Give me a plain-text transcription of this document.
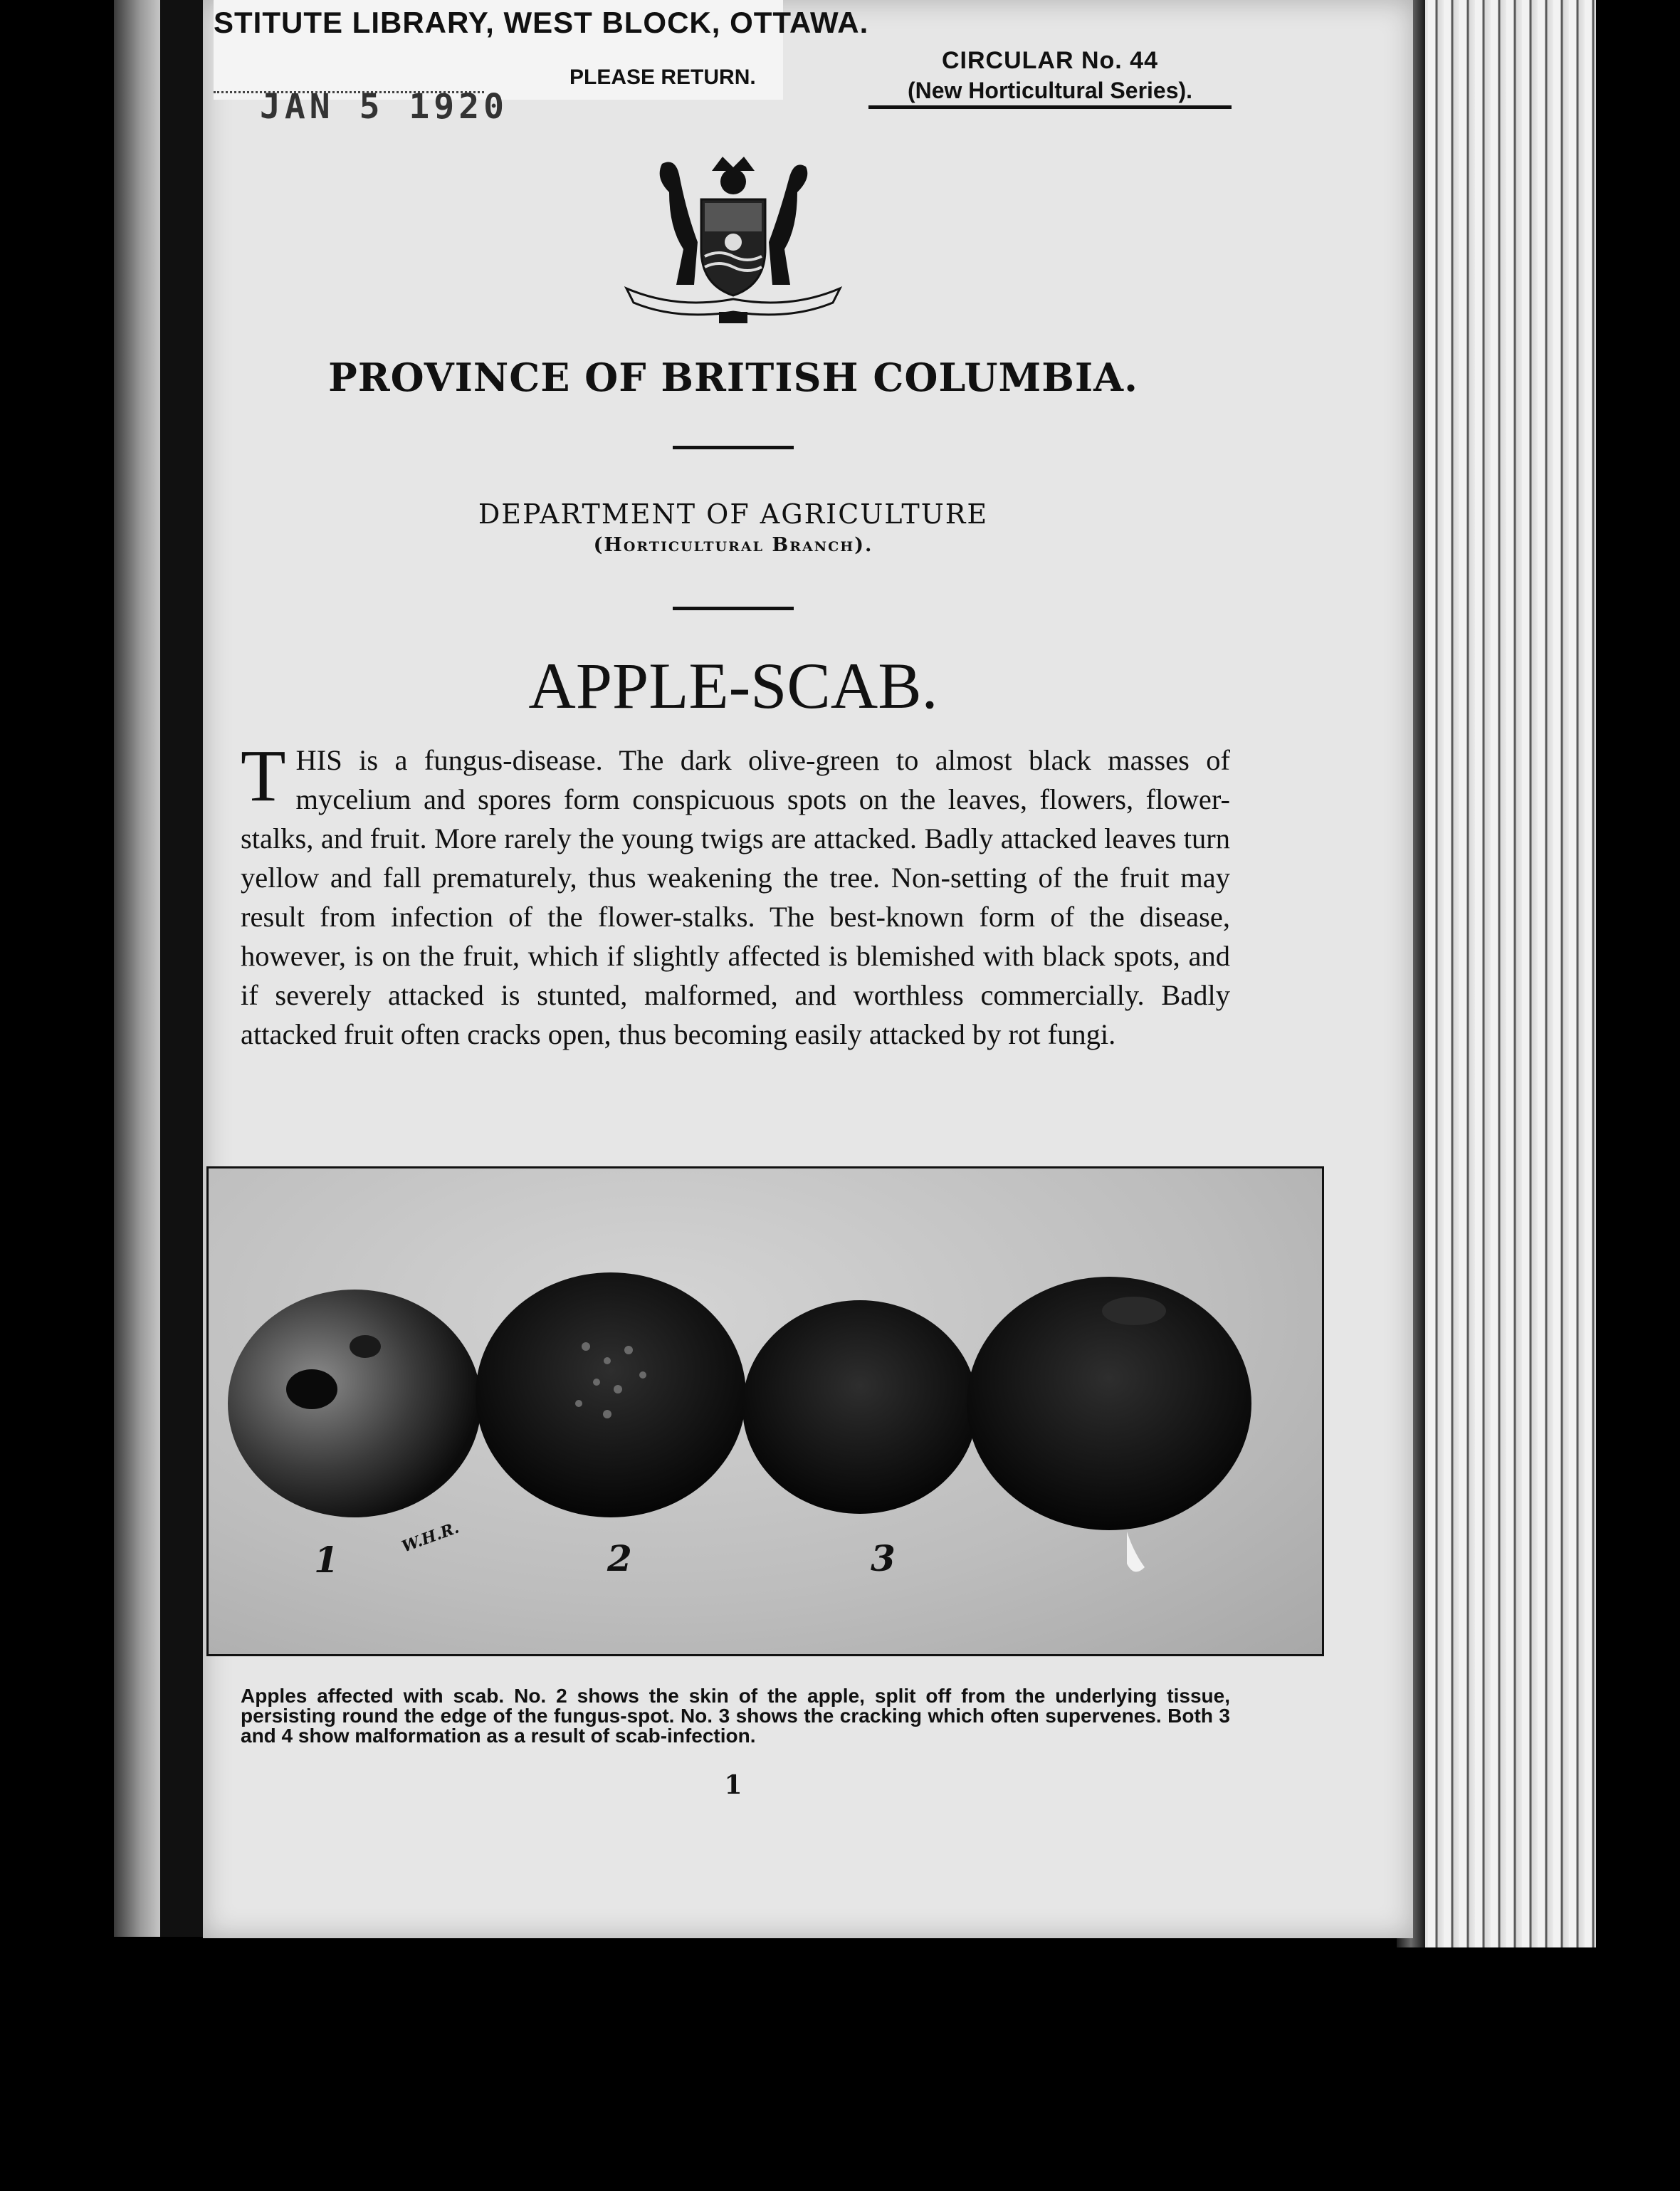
STITUTE LIBRARY, WEST BLOCK, OTTAWA.
PLEASE RETURN.
JAN 5 1920
CIRCULAR No. 44
(New Horticultural Series).
PROVINCE OF BRITISH COLUMBIA.
DEPARTMENT OF AGRICULTURE
(Horticultural Branch).
APPLE-SCAB.
THIS is a fungus-disease. The dark olive-green to almost black masses of mycelium and spores form conspicuous spots on the leaves, flowers, flower-stalks, and fruit. More rarely the young twigs are attacked. Badly attacked leaves turn yellow and fall prematurely, thus weakening the tree. Non-setting of the fruit may result from infection of the flower-stalks. The best-known form of the disease, however, is on the fruit, which if slightly affected is blemished with black spots, and if severely attacked is stunted, malformed, and worthless commercially. Badly attacked fruit often cracks open, thus becoming easily attacked by rot fungi.
1
W.H.R.	2	3
Apples affected with scab. No. 2 shows the skin of the apple, split off from the underlying tissue, persisting round the edge of the fungus-spot. No. 3 shows the cracking which often supervenes. Both 3 and 4 show malformation as a result of scab-infection.
1
